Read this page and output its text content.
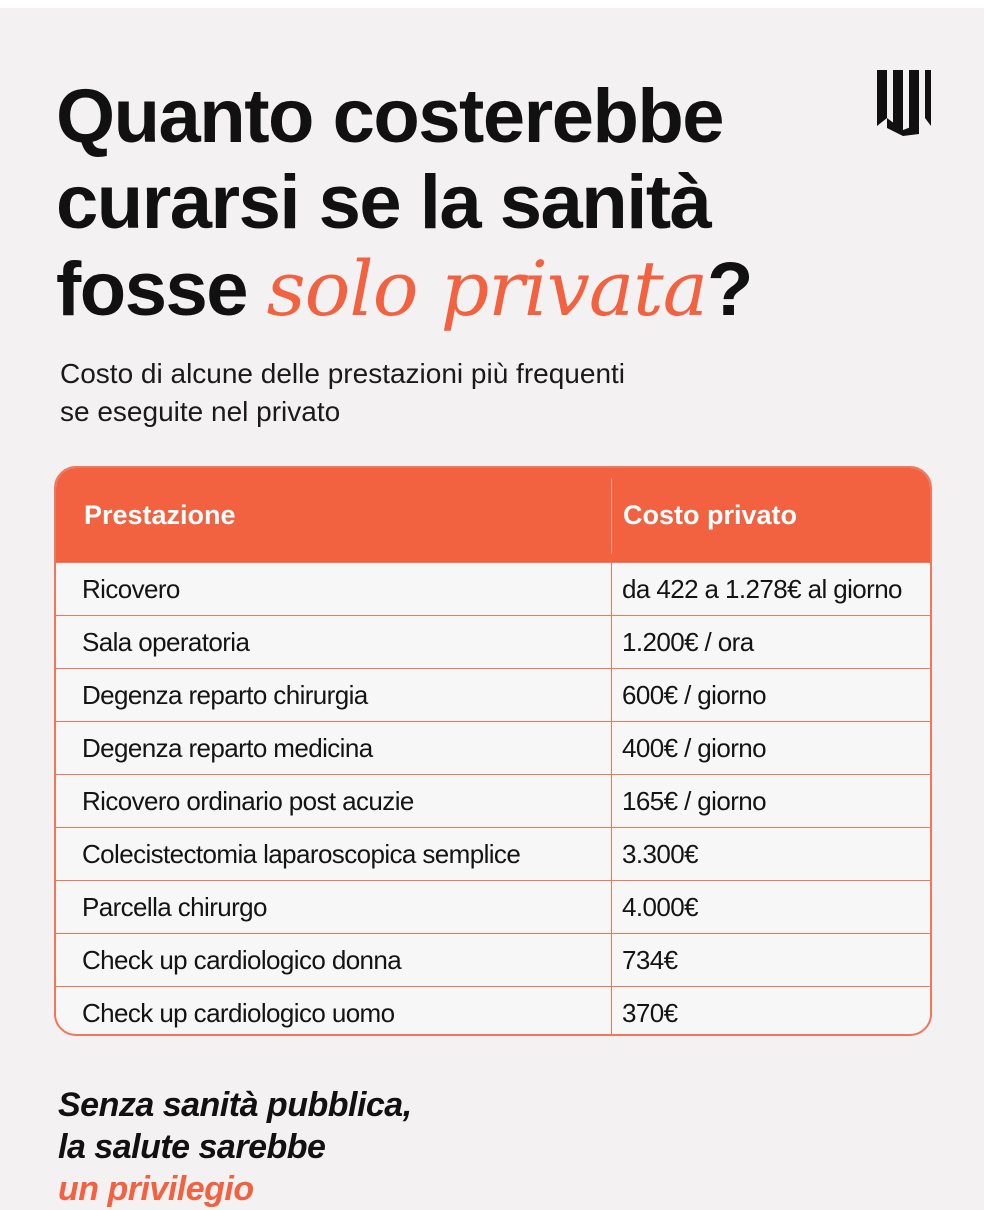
Quanto costerebbe
curarsi se la sanità
fosse solo privata?
Costo di alcune delle prestazioni più frequenti
se eseguite nel privato
Prestazione	Costo privato
Ricovero	da 422 a 1.278€ al giorno
Sala operatoria	1.200€ / ora
Degenza reparto chirurgia	600€ / giorno
Degenza reparto medicina	400€ / giorno
Ricovero ordinario post acuzie	165€ / giorno
Colecistectomia laparoscopica semplice	3.300€
Parcella chirurgo	4.000€
Check up cardiologico donna	734€
Check up cardiologico uomo	370€
Senza sanità pubblica,
la salute sarebbe
un privilegio
